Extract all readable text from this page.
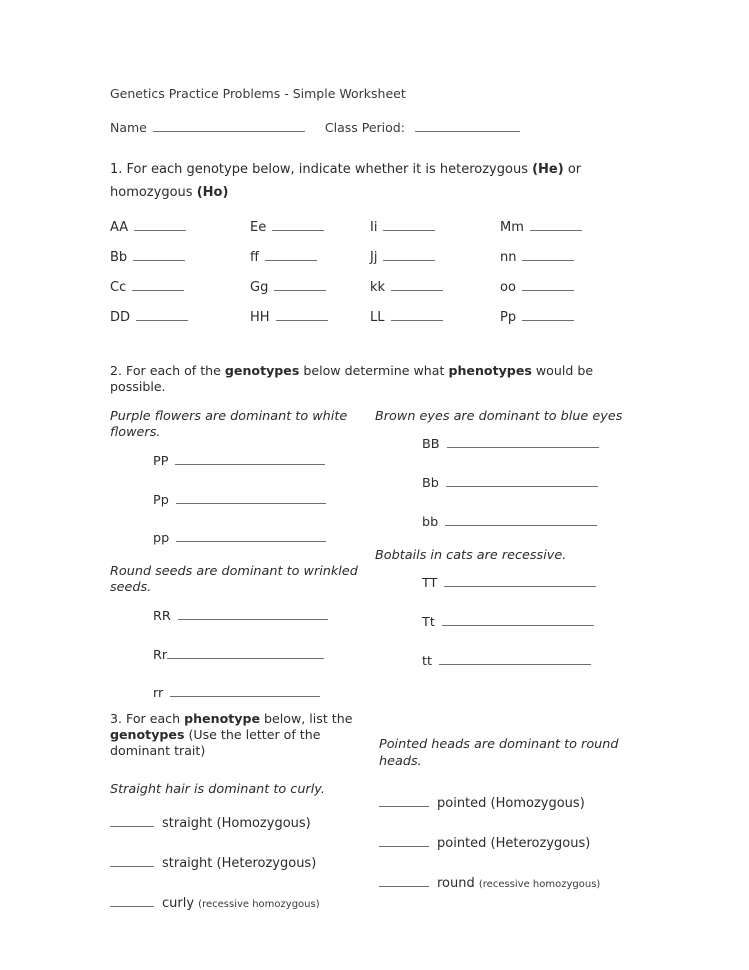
Genetics Practice Problems - Simple Worksheet
Name	Class Period:
1. For each genotype below, indicate whether it is heterozygous (He) or homozygous (Ho)
AA
Bb
Cc
DD
Ee
ff
Gg
HH
Ii
Jj
kk
LL
Mm
nn
oo
Pp
2. For each of the genotypes below determine what phenotypes would be possible.
Purple flowers are dominant to white flowers.
PP
Pp
pp
Round seeds are dominant to wrinkled seeds.
RR
Rr
rr
Brown eyes are dominant to blue eyes
BB
Bb
bb
Bobtails in cats are recessive.
TT
Tt
tt
3. For each phenotype below, list the genotypes (Use the letter of the dominant trait)
Straight hair is dominant to curly.
straight (Homozygous)
straight (Heterozygous)
curly (recessive homozygous)
Pointed heads are dominant to round heads.
pointed (Homozygous)
pointed (Heterozygous)
round (recessive homozygous)
